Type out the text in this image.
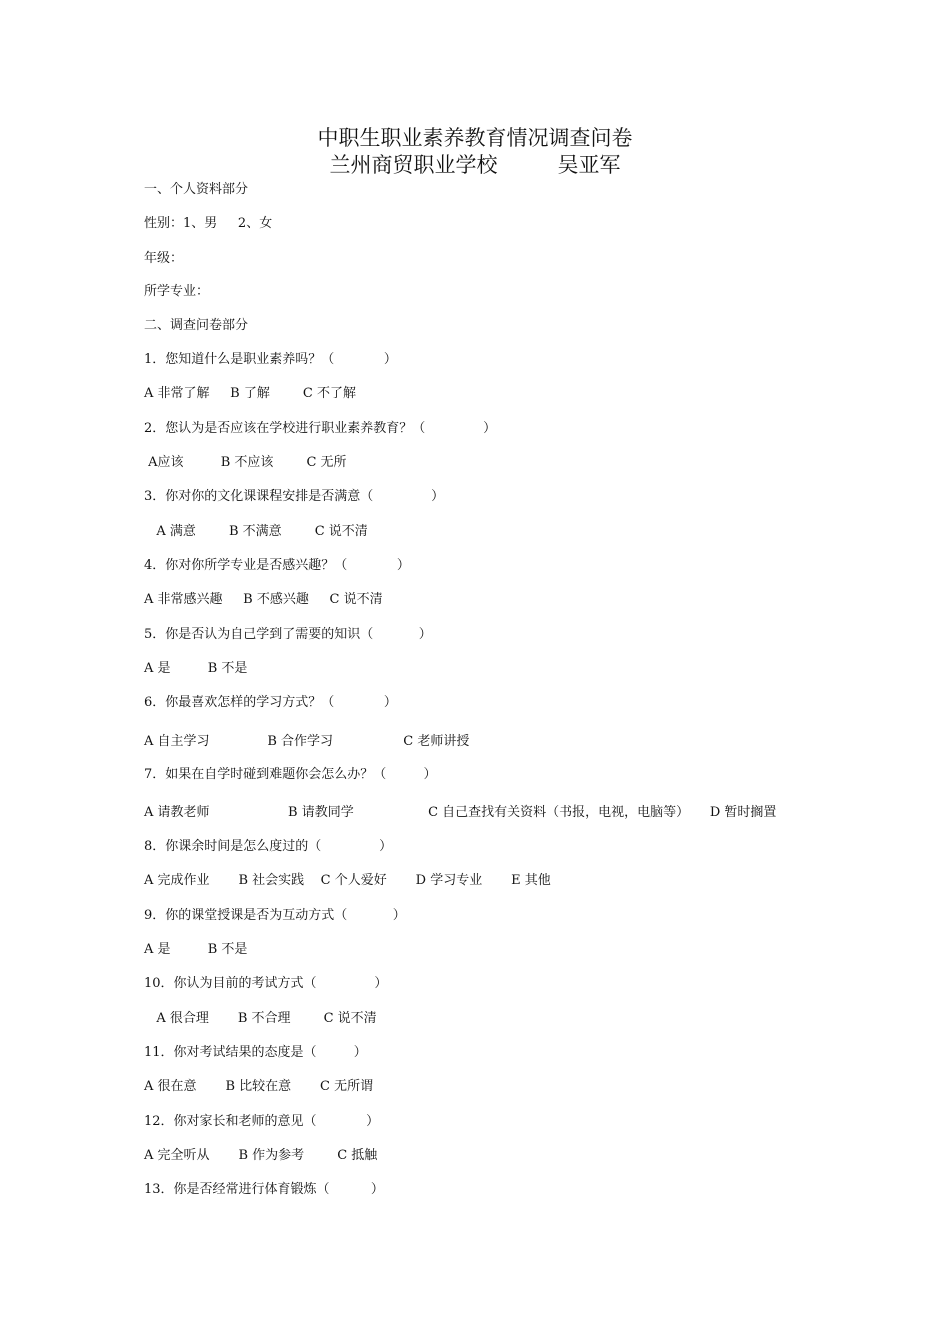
中职生职业素养教育情况调查问卷
兰州商贸职业学校         吴亚军
一、个人资料部分
性别：1、男     2、女
年级：
所学专业：
二、调查问卷部分
1．您知道什么是职业素养吗？（            ）
A 非常了解     B 了解        C 不了解
2．您认为是否应该在学校进行职业素养教育？（              ）
A应该         B 不应该        C 无所
3．你对你的文化课课程安排是否满意（              ）
A 满意        B 不满意        C 说不清
4．你对你所学专业是否感兴趣？（            ）
A 非常感兴趣     B 不感兴趣     C 说不清
5．你是否认为自己学到了需要的知识（           ）
A 是         B 不是
6．你最喜欢怎样的学习方式？（            ）
A 自主学习              B 合作学习                 C 老师讲授
7．如果在自学时碰到难题你会怎么办？（         ）
A 请教老师                   B 请教同学                  C 自己查找有关资料（书报，电视，电脑等）     D 暂时搁置
8．你课余时间是怎么度过的（              ）
A 完成作业       B 社会实践    C 个人爱好       D 学习专业       E 其他
9．你的课堂授课是否为互动方式（           ）
A 是         B 不是
10．你认为目前的考试方式（              ）
A 很合理       B 不合理        C 说不清
11．你对考试结果的态度是（         ）
A 很在意       B 比较在意       C 无所谓
12．你对家长和老师的意见（            ）
A 完全听从       B 作为参考        C 抵触
13．你是否经常进行体育锻炼（          ）
